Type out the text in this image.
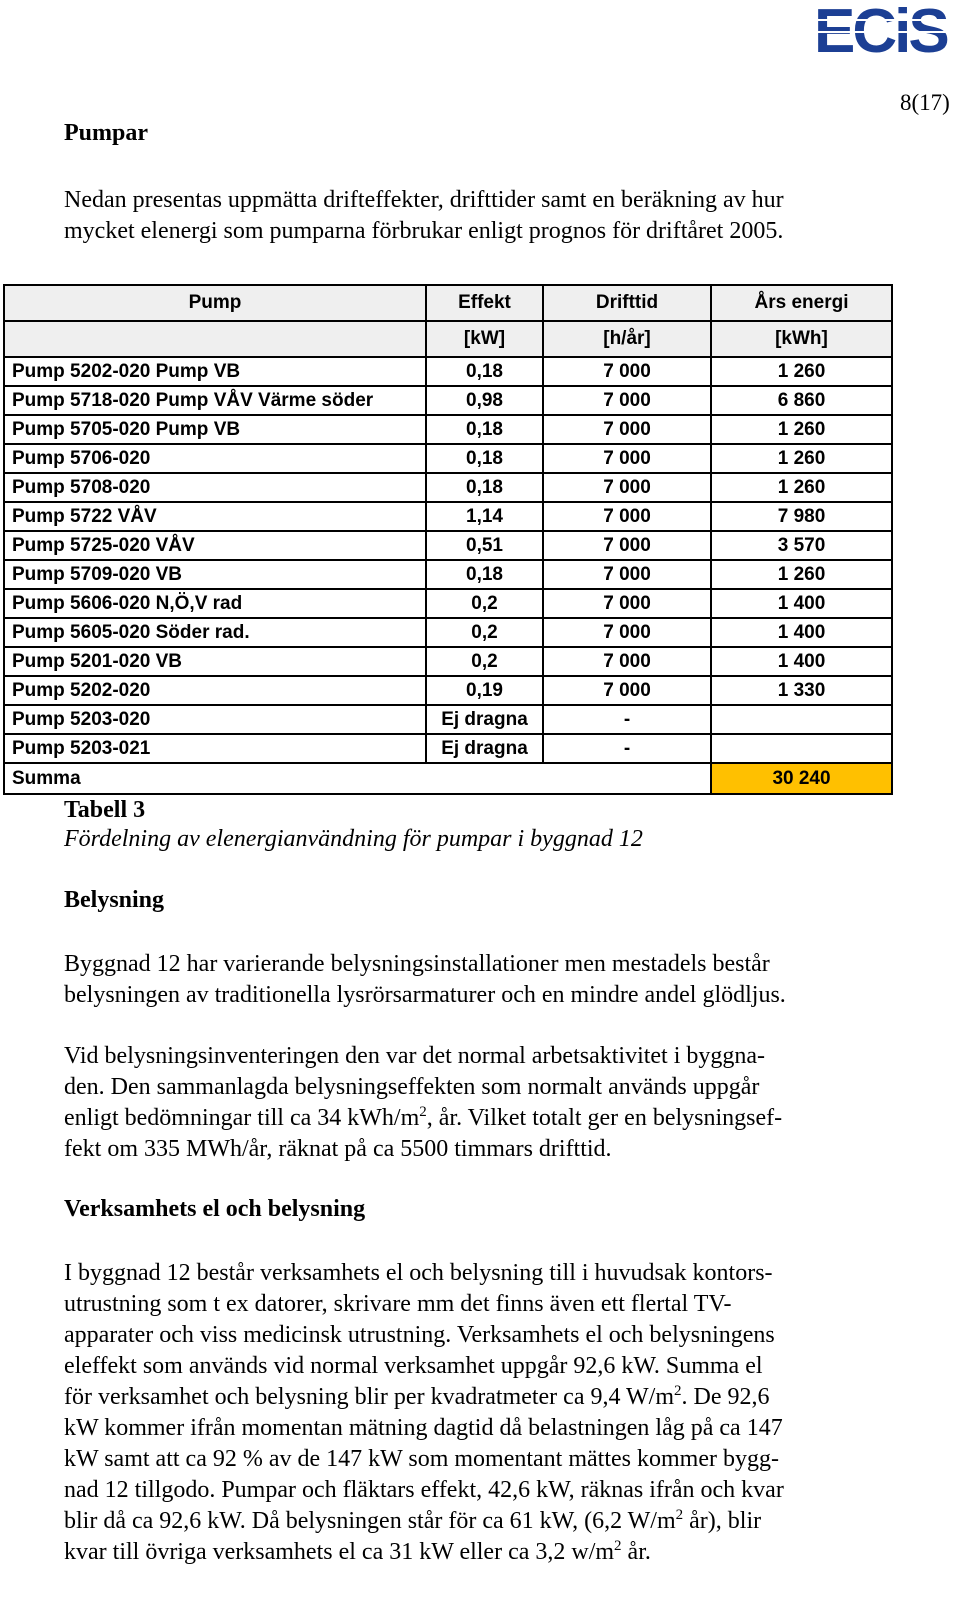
ECiS
8(17)
Pumpar
Nedan presentas uppmätta drifteffekter, drifttider samt en beräkning av hur
mycket elenergi som pumparna förbrukar enligt prognos för driftåret 2005.
Pump	Effekt	Drifttid	Års energi
	[kW]	[h/år]	[kWh]
Pump 5202-020 Pump VB	0,18	7 000	1 260
Pump 5718-020 Pump VÅV Värme söder	0,98	7 000	6 860
Pump 5705-020 Pump VB	0,18	7 000	1 260
Pump 5706-020	0,18	7 000	1 260
Pump 5708-020	0,18	7 000	1 260
Pump 5722 VÅV	1,14	7 000	7 980
Pump 5725-020 VÅV	0,51	7 000	3 570
Pump 5709-020 VB	0,18	7 000	1 260
Pump 5606-020 N,Ö,V rad	0,2	7 000	1 400
Pump 5605-020 Söder rad.	0,2	7 000	1 400
Pump 5201-020 VB	0,2	7 000	1 400
Pump 5202-020	0,19	7 000	1 330
Pump 5203-020	Ej dragna	-	
Pump 5203-021	Ej dragna	-	
Summa			30 240
Tabell 3
Fördelning av elenergianvändning för pumpar i byggnad 12
Belysning
Byggnad 12 har varierande belysningsinstallationer men mestadels består
belysningen av traditionella lysrörsarmaturer och en mindre andel glödljus.
Vid belysningsinventeringen den var det normal arbetsaktivitet i byggna-
den. Den sammanlagda belysningseffekten som normalt används uppgår
enligt bedömningar till ca 34 kWh/$m^2$, år. Vilket totalt ger en belysningsef-
fekt om 335 MWh/år, räknat på ca 5500 timmars drifttid.
Verksamhets el och belysning
I byggnad 12 består verksamhets el och belysning till i huvudsak kontors-
utrustning som t ex datorer, skrivare mm det finns även ett flertal TV-
apparater och viss medicinsk utrustning. Verksamhets el och belysningens
eleffekt som används vid normal verksamhet uppgår 92,6 kW. Summa el
för verksamhet och belysning blir per kvadratmeter ca 9,4 $W/m^2$. De 92,6
kW kommer ifrån momentan mätning dagtid då belastningen låg på ca 147
kW samt att ca 92 % av de 147 kW som momentant mättes kommer bygg-
nad 12 tillgodo. Pumpar och fläktars effekt, 42,6 kW, räknas ifrån och kvar
blir då ca 92,6 kW. Då belysningen står för ca 61 kW, (6,2 $W/m^2$ år), blir
kvar till övriga verksamhets el ca 31 kW eller ca 3,2 $w/m^2$ år.
